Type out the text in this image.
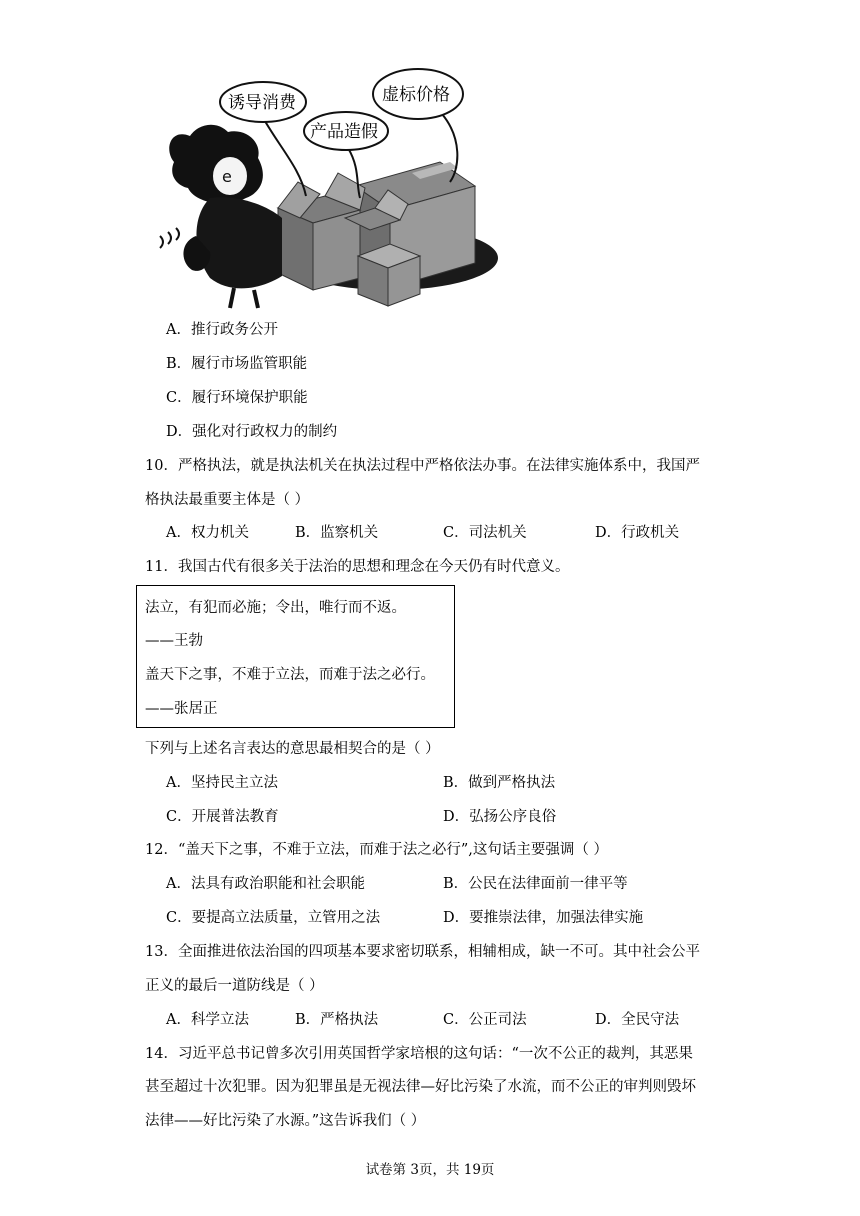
e
诱导消费
产品造假
虚标价格
A．推行政务公开
B．履行市场监管职能
C．履行环境保护职能
D．强化对行政权力的制约
10．严格执法，就是执法机关在执法过程中严格依法办事。在法律实施体系中，我国严
格执法最重要主体是（ ）
A．权力机关	B．监察机关	C．司法机关	D．行政机关
11．我国古代有很多关于法治的思想和理念在今天仍有时代意义。
法立，有犯而必施；令出，唯行而不返。
——王勃
盖天下之事，不难于立法，而难于法之必行。
——张居正
下列与上述名言表达的意思最相契合的是（ ）
A．坚持民主立法	B．做到严格执法
C．开展普法教育	D．弘扬公序良俗
12．“盖天下之事，不难于立法，而难于法之必行”,这句话主要强调（ ）
A．法具有政治职能和社会职能	B．公民在法律面前一律平等
C．要提高立法质量，立管用之法	D．要推崇法律，加强法律实施
13．全面推进依法治国的四项基本要求密切联系，相辅相成，缺一不可。其中社会公平
正义的最后一道防线是（ ）
A．科学立法	B．严格执法	C．公正司法	D．全民守法
14．习近平总书记曾多次引用英国哲学家培根的这句话：“一次不公正的裁判，其恶果
甚至超过十次犯罪。因为犯罪虽是无视法律—好比污染了水流，而不公正的审判则毁坏
法律——好比污染了水源。”这告诉我们（ ）
试卷第 3页，共 19页
